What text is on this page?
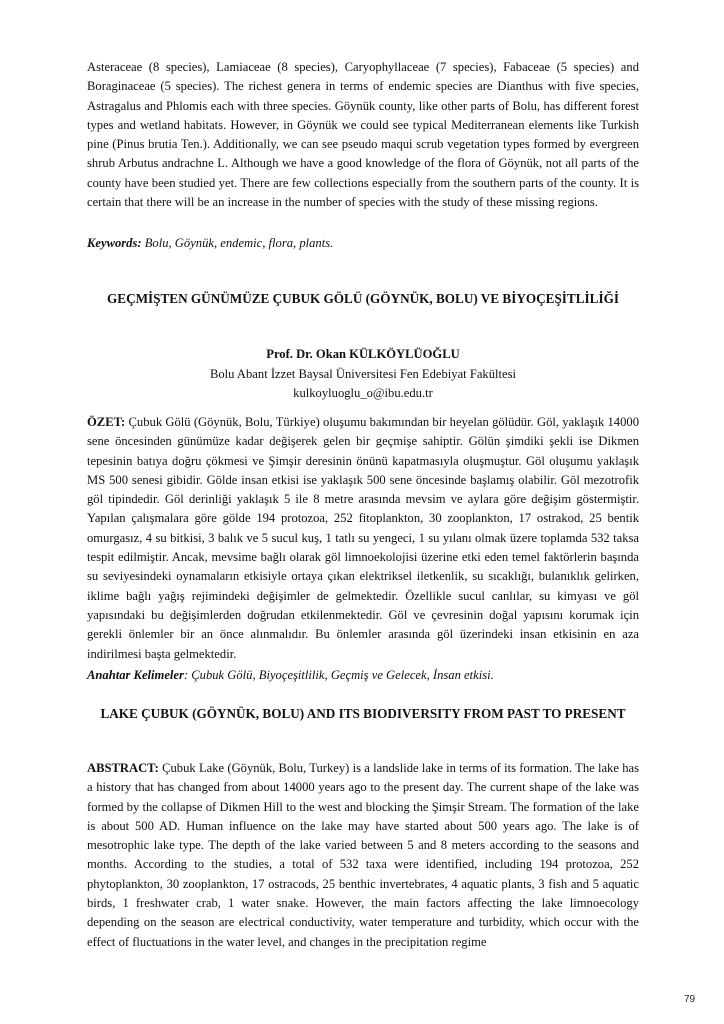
Asteraceae (8 species), Lamiaceae (8 species), Caryophyllaceae (7 species), Fabaceae (5 species) and Boraginaceae (5 species). The richest genera in terms of endemic species are Dianthus with five species, Astragalus and Phlomis each with three species. Göynük county, like other parts of Bolu, has different forest types and wetland habitats. However, in Göynük we could see typical Mediterranean elements like Turkish pine (Pinus brutia Ten.). Additionally, we can see pseudo maqui scrub vegetation types formed by evergreen shrub Arbutus andrachne L. Although we have a good knowledge of the flora of Göynük, not all parts of the county have been studied yet. There are few collections especially from the southern parts of the county. It is certain that there will be an increase in the number of species with the study of these missing regions.

Keywords: Bolu, Göynük, endemic, flora, plants.
GEÇMİŞTEN GÜNÜMÜZE ÇUBUK GÖLÜ (GÖYNÜK, BOLU) VE BİYOÇEŞİTLİLİĞİ
Prof. Dr. Okan KÜLKÖYLÜOĞLU
Bolu Abant İzzet Baysal Üniversitesi Fen Edebiyat Fakültesi
kulkoyluoglu_o@ibu.edu.tr

ÖZET: Çubuk Gölü (Göynük, Bolu, Türkiye) oluşumu bakımından bir heyelan gölüdür. Göl, yaklaşık 14000 sene öncesinden günümüze kadar değişerek gelen bir geçmişe sahiptir. Gölün şimdiki şekli ise Dikmen tepesinin batıya doğru çökmesi ve Şimşir deresinin önünü kapatmasıyla oluşmuştur. Göl oluşumu yaklaşık MS 500 senesi gibidir. Gölde insan etkisi ise yaklaşık 500 sene öncesinde başlamış olabilir. Göl mezotrofik göl tipindedir. Göl derinliği yaklaşık 5 ile 8 metre arasında mevsim ve aylara göre değişim göstermiştir. Yapılan çalışmalara göre gölde 194 protozoa, 252 fitoplankton, 30 zooplankton, 17 ostrakod, 25 bentik omurgasız, 4 su bitkisi, 3 balık ve 5 sucul kuş, 1 tatlı su yengeci, 1 su yılanı olmak üzere toplamda 532 taksa tespit edilmiştir. Ancak, mevsime bağlı olarak göl limnoekolojisi üzerine etki eden temel faktörlerin başında su seviyesindeki oynamaların etkisiyle ortaya çıkan elektriksel iletkenlik, su sıcaklığı, bulanıklık gelirken, iklime bağlı yağış rejimindeki değişimler de gelmektedir. Özellikle sucul canlılar, su kimyası ve göl yapısındaki bu değişimlerden doğrudan etkilenmektedir. Göl ve çevresinin doğal yapısını korumak için gerekli önlemler bir an önce alınmalıdır. Bu önlemler arasında göl üzerindeki insan etkisinin en aza indirilmesi başta gelmektedir.

Anahtar Kelimeler: Çubuk Gölü, Biyoçeşitlilik, Geçmiş ve Gelecek, İnsan etkisi.
LAKE ÇUBUK (GÖYNÜK, BOLU) AND ITS BIODIVERSITY FROM PAST TO PRESENT

ABSTRACT: Çubuk Lake (Göynük, Bolu, Turkey) is a landslide lake in terms of its formation. The lake has a history that has changed from about 14000 years ago to the present day. The current shape of the lake was formed by the collapse of Dikmen Hill to the west and blocking the Şimşir Stream. The formation of the lake is about 500 AD. Human influence on the lake may have started about 500 years ago. The lake is of mesotrophic lake type. The depth of the lake varied between 5 and 8 meters according to the seasons and months. According to the studies, a total of 532 taxa were identified, including 194 protozoa, 252 phytoplankton, 30 zooplankton, 17 ostracods, 25 benthic invertebrates, 4 aquatic plants, 3 fish and 5 aquatic birds, 1 freshwater crab, 1 water snake. However, the main factors affecting the lake limnoecology depending on the season are electrical conductivity, water temperature and turbidity, which occur with the effect of fluctuations in the water level, and changes in the precipitation regime

79
